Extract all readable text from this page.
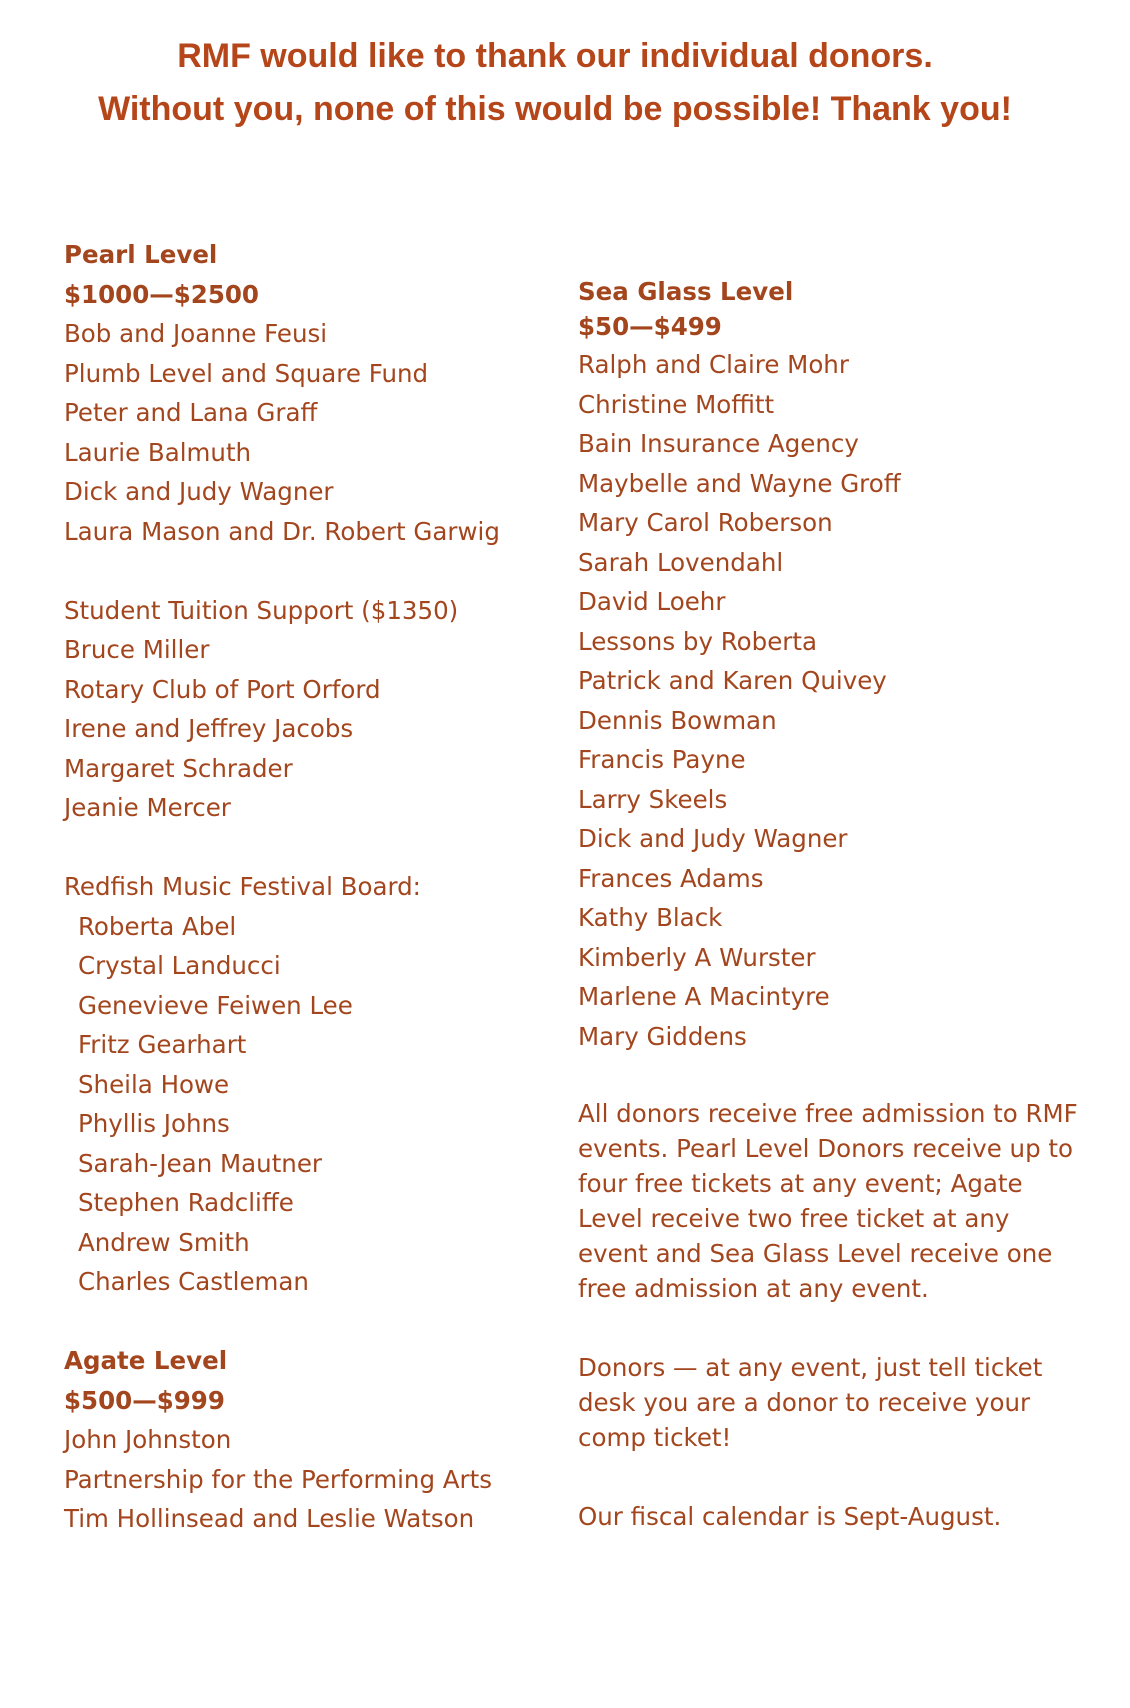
RMF would like to thank our individual donors.
Without you, none of this would be possible! Thank you!
Pearl Level
$1000—$2500
Bob and Joanne Feusi
Plumb Level and Square Fund
Peter and Lana Graff
Laurie Balmuth
Dick and Judy Wagner
Laura Mason and Dr. Robert Garwig
Student Tuition Support ($1350)
Bruce Miller
Rotary Club of Port Orford
Irene and Jeffrey Jacobs
Margaret Schrader
Jeanie Mercer
Redfish Music Festival Board:
Roberta Abel
Crystal Landucci
Genevieve Feiwen Lee
Fritz Gearhart
Sheila Howe
Phyllis Johns
Sarah-Jean Mautner
Stephen Radcliffe
Andrew Smith
Charles Castleman
Agate Level
$500—$999
John Johnston
Partnership for the Performing Arts
Tim Hollinsead and Leslie Watson
Sea Glass Level
$50—$499
Ralph and Claire Mohr
Christine Moffitt
Bain Insurance Agency
Maybelle and Wayne Groff
Mary Carol Roberson
Sarah Lovendahl
David Loehr
Lessons by Roberta
Patrick and Karen Quivey
Dennis Bowman
Francis Payne
Larry Skeels
Dick and Judy Wagner
Frances Adams
Kathy Black
Kimberly A Wurster
Marlene A Macintyre
Mary Giddens
All donors receive free admission to RMF events. Pearl Level Donors receive up to four free tickets at any event; Agate Level receive two free ticket at any event and Sea Glass Level receive one free admission at any event.
Donors — at any event, just tell ticket desk you are a donor to receive your comp ticket!
Our fiscal calendar is Sept-August.
